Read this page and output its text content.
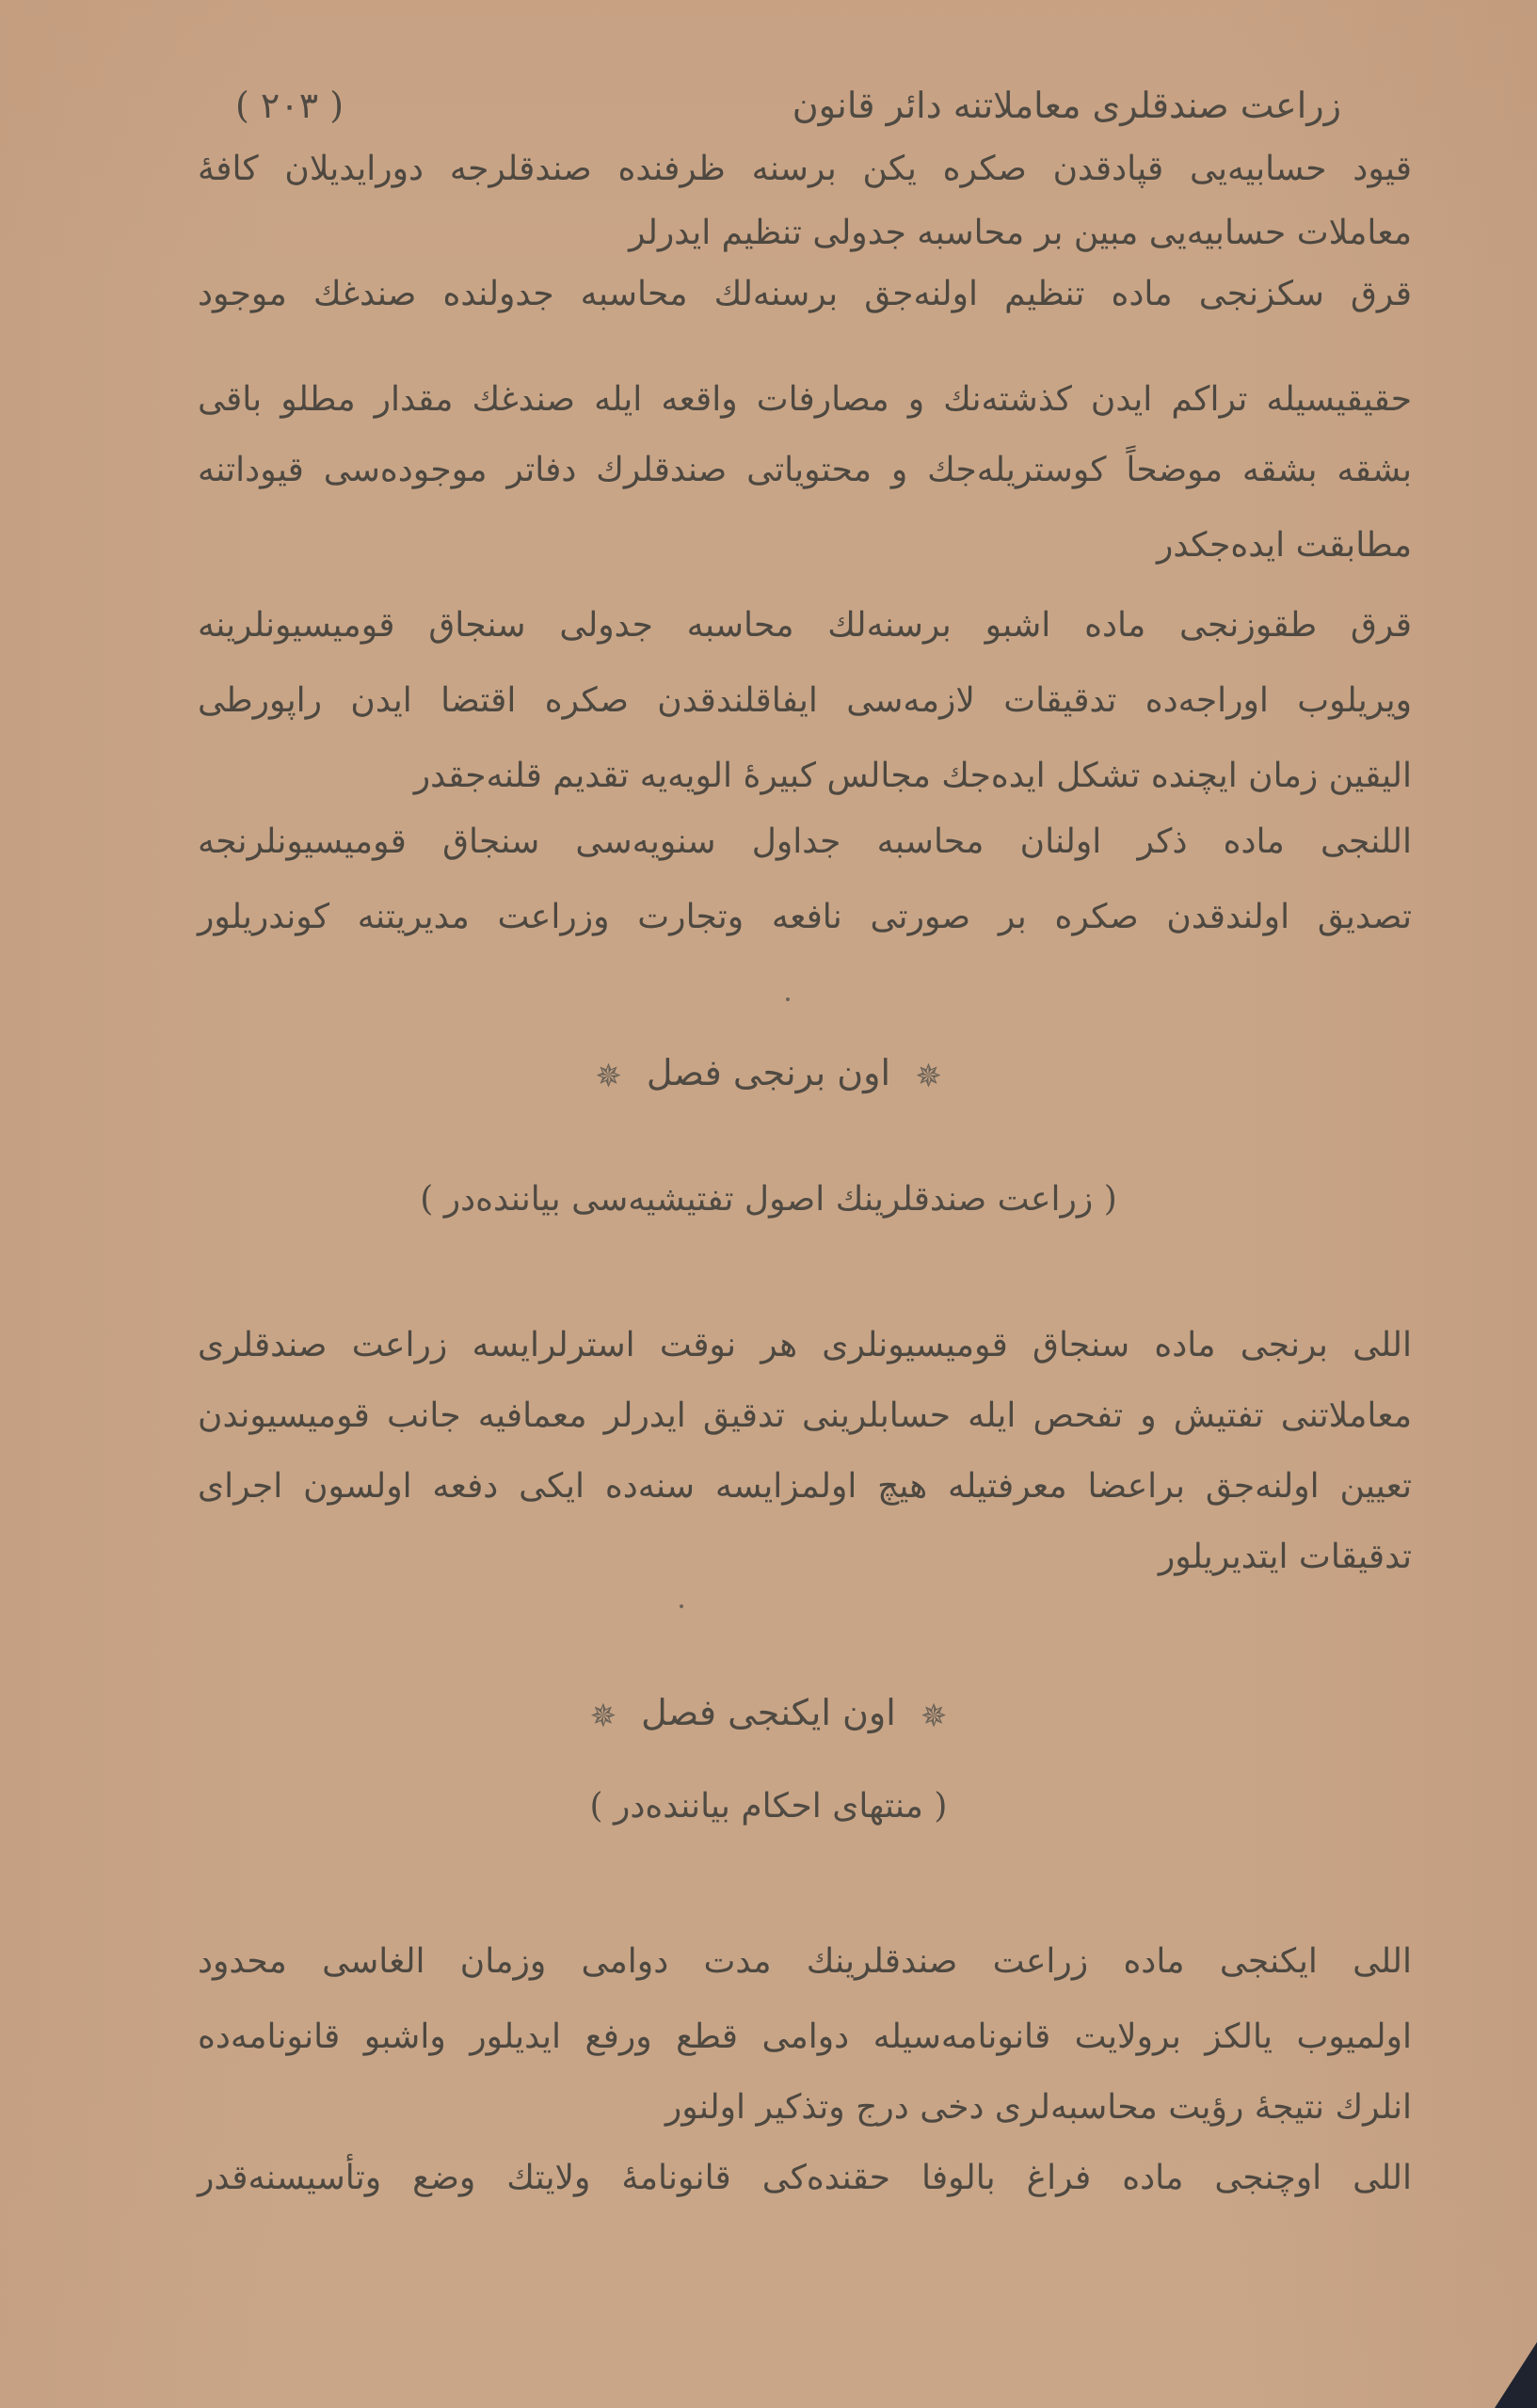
زراعت صندقلری معاملاتنه دائر قانون
( ۲۰۳ )
قیود حسابیه‌یی قپادقدن صکره یکن برسنه ظرفنده صندقلرجه دورایدیلان کافهٔ
معاملات حسابیه‌یی مبین بر محاسبه جدولی تنظیم ایدرلر
قرق سکزنجی ماده تنظیم اولنه‌جق برسنه‌لك محاسبه جدولنده صندغك موجود
حقیقیسیله تراكم ایدن كذشته‌نك و مصارفات واقعه ایله صندغك مقدار مطلو باقی
بشقه بشقه موضحاً كوستریله‌جك و محتویاتی صندقلرك دفاتر موجوده‌سی قیوداتنه
مطابقت ایده‌جكدر
قرق طقوزنجی ماده اشبو برسنه‌لك محاسبه جدولی سنجاق قومیسیونلرینه
ویریلوب اوراجه‌ده تدقیقات لازمه‌سی ایفاقلندقدن صكره اقتضا ایدن راپورطی
الیقین زمان ایچنده تشكل ایده‌جك مجالس كبیرهٔ الویه‌یه تقدیم قلنه‌جقدر
اللنجی ماده ذكر اولنان محاسبه جداول سنویه‌سی سنجاق قومیسیونلرنجه
تصدیق اولندقدن صكره بر صورتی نافعه وتجارت وزراعت مدیریتنه كوندریلور
✵ اون برنجی فصل ✵
( زراعت صندقلرینك اصول تفتیشیه‌سی بیانندەدر )
اللی برنجی ماده سنجاق قومیسیونلری هر نوقت استرلرایسه زراعت صندقلری
معاملاتنی تفتیش و تفحص ایله حسابلرینی تدقیق ایدرلر معمافیه جانب قومیسیوندن
تعیین اولنه‌جق براعضا معرفتیله هیچ اولمزایسه سنه‌ده ایكی دفعه اولسون اجرای
تدقیقات ایتدیریلور
✵ اون ایكنجی فصل ✵
( منتهای احكام بیانندەدر )
اللی ایكنجی ماده زراعت صندقلرینك مدت دوامی وزمان الغاسی محدود
اولمیوب یالكز برولایت قانونامه‌سیله دوامی قطع ورفع ایدیلور واشبو قانونامه‌ده
انلرك نتیجهٔ رؤیت محاسبه‌لری دخی درج وتذكیر اولنور
اللی اوچنجی ماده فراغ بالوفا حقنده‌كی قانونامهٔ ولایتك وضع وتأسیسنه‌قدر
